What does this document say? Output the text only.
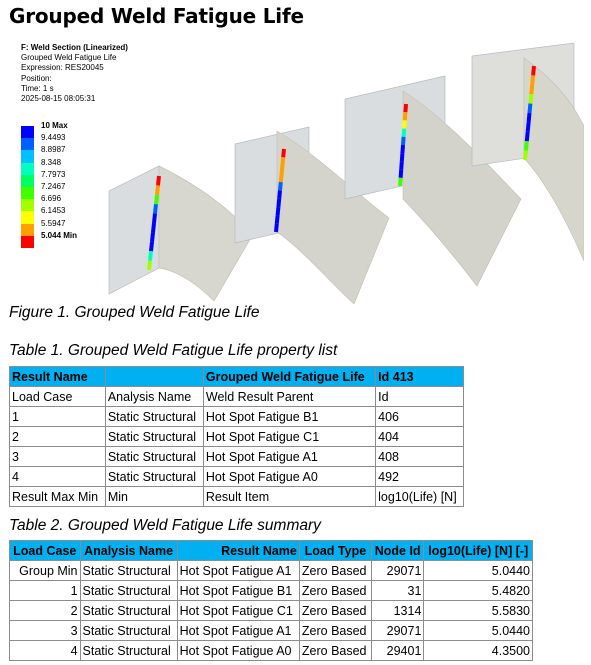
Grouped Weld Fatigue Life
F: Weld Section (Linearized)
Grouped Weld Fatigue Life
Expression: RES20045
Position:
Time: 1 s
2025-08-15 08:05:31
10 Max
9.4493
8.8987
8.348
7.7973
7.2467
6.696
6.1453
5.5947
5.044 Min
Figure 1. Grouped Weld Fatigue Life
Table 1. Grouped Weld Fatigue Life property list
Result Name		Grouped Weld Fatigue Life	Id 413
Load Case	Analysis Name	Weld Result Parent	Id
1	Static Structural	Hot Spot Fatigue B1	406
2	Static Structural	Hot Spot Fatigue C1	404
3	Static Structural	Hot Spot Fatigue A1	408
4	Static Structural	Hot Spot Fatigue A0	492
Result Max Min	Min	Result Item	log10(Life) [N]
Table 2. Grouped Weld Fatigue Life summary
Load Case	Analysis Name	Result Name	Load Type	Node Id	log10(Life) [N] [-]
Group Min	Static Structural	Hot Spot Fatigue A1	Zero Based	29071	5.0440
1	Static Structural	Hot Spot Fatigue B1	Zero Based	31	5.4820
2	Static Structural	Hot Spot Fatigue C1	Zero Based	1314	5.5830
3	Static Structural	Hot Spot Fatigue A1	Zero Based	29071	5.0440
4	Static Structural	Hot Spot Fatigue A0	Zero Based	29401	4.3500
